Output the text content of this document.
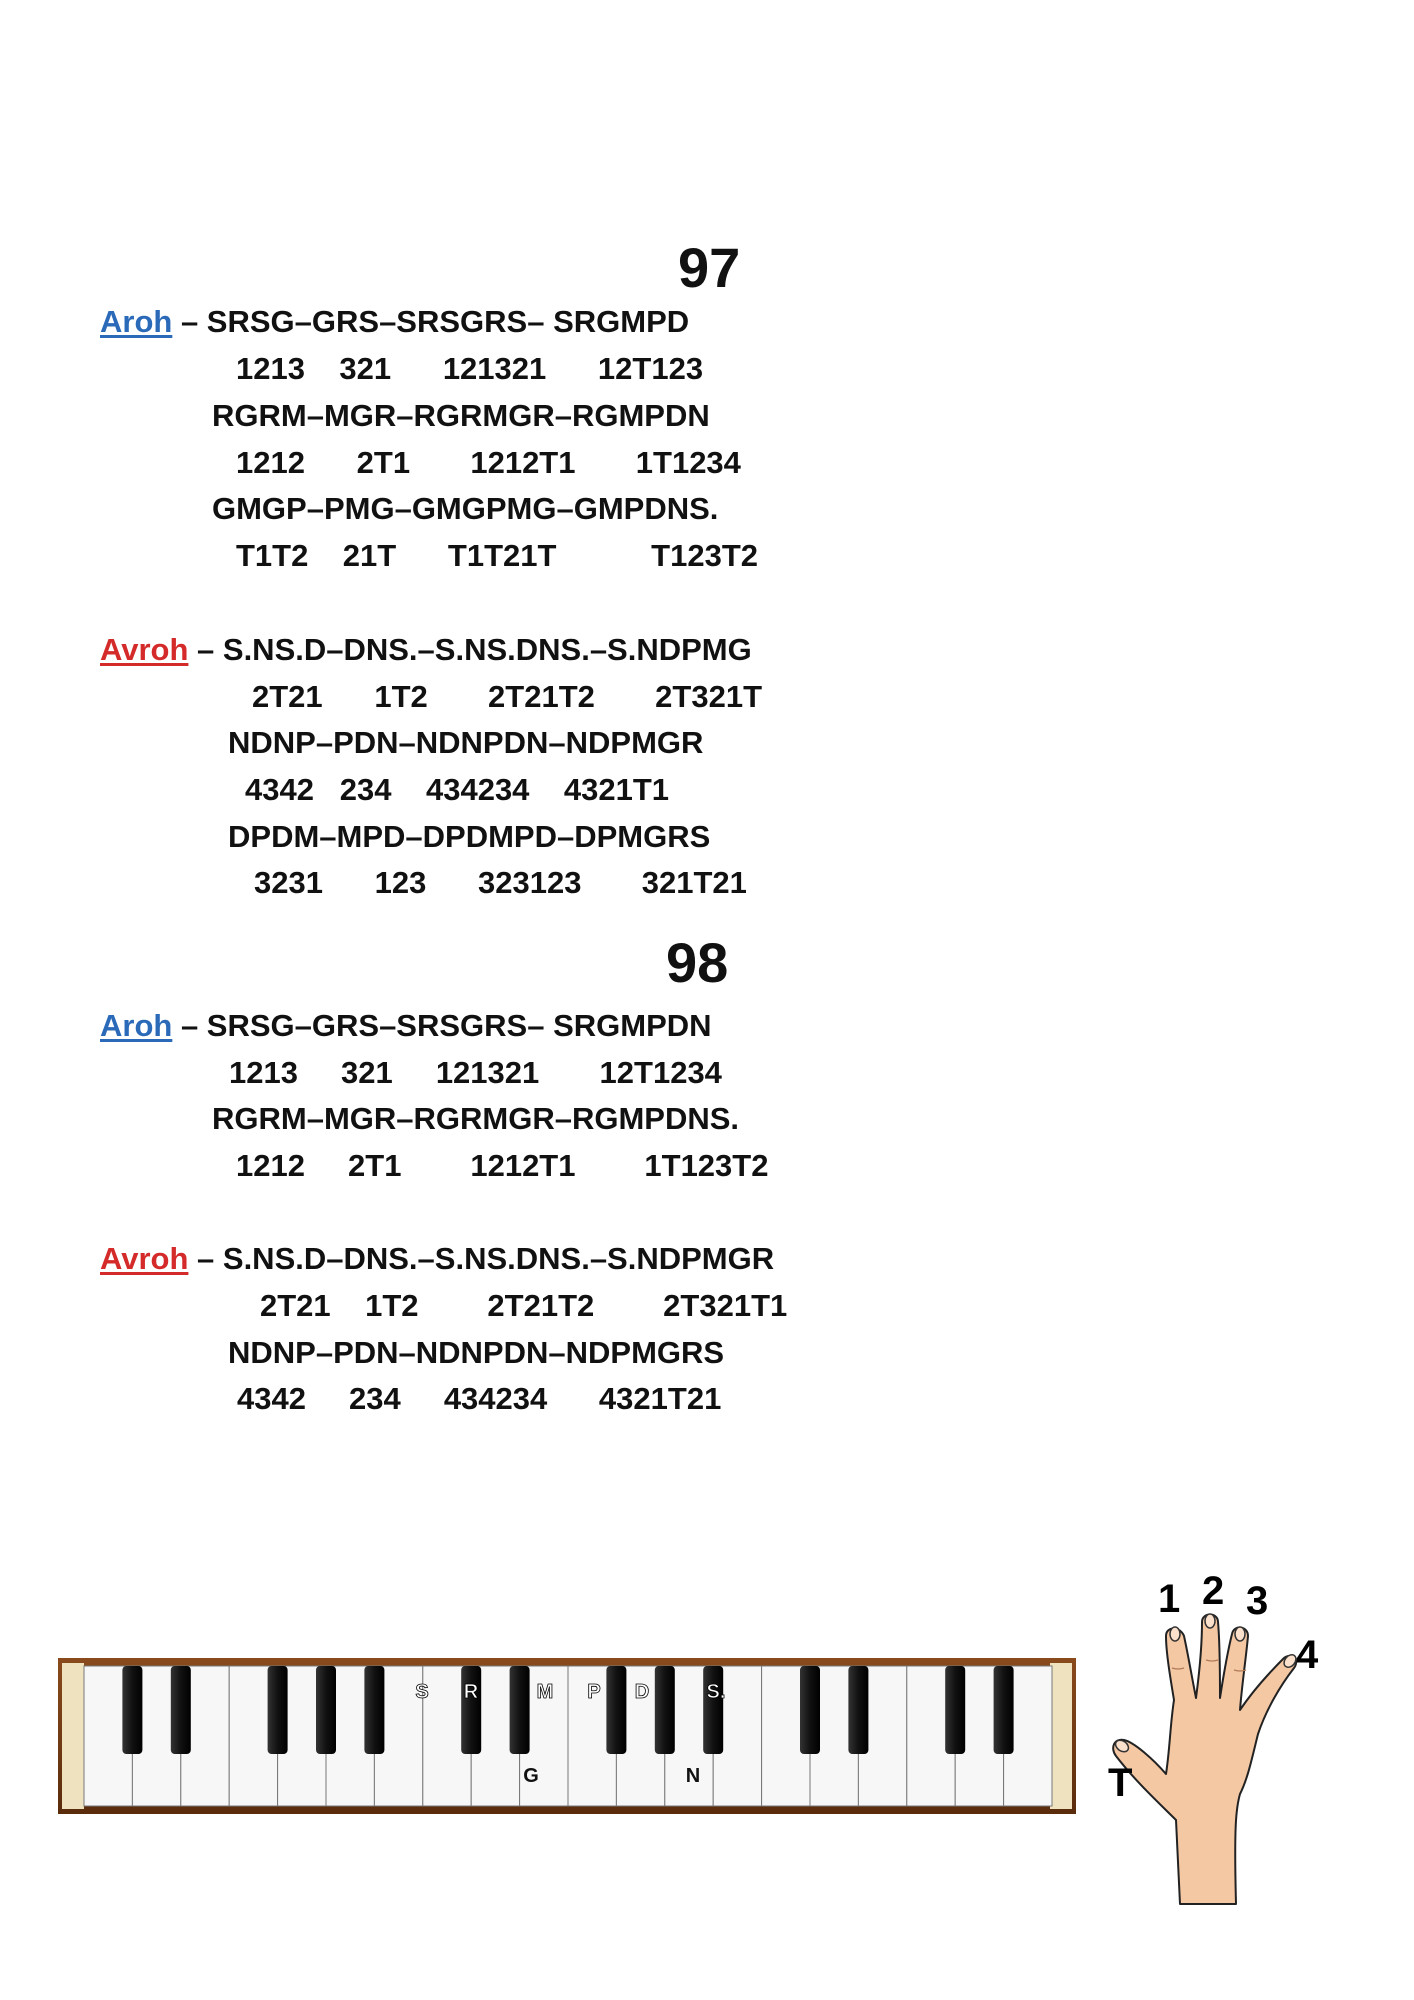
97
Aroh – SRSG–GRS–SRSGRS– SRGMPD
1213    321      121321      12T123
RGRM–MGR–RGRMGR–RGMPDN
1212      2T1       1212T1       1T1234
GMGP–PMG–GMGPMG–GMPDNS.
T1T2    21T      T1T21T           T123T2
Avroh – S.NS.D–DNS.–S.NS.DNS.–S.NDPMG
2T21      1T2       2T21T2       2T321T
NDNP–PDN–NDNPDN–NDPMGR
4342   234    434234    4321T1
DPDM–MPD–DPDMPD–DPMGRS
3231      123      323123       321T21
98
Aroh – SRSG–GRS–SRSGRS– SRGMPDN
1213     321     121321       12T1234
RGRM–MGR–RGRMGR–RGMPDNS.
1212     2T1        1212T1        1T123T2
Avroh – S.NS.D–DNS.–S.NS.DNS.–S.NDPMGR
2T21    1T2        2T21T2        2T321T1
NDNP–PDN–NDNPDN–NDPMGRS
4342     234     434234      4321T21
S R	M P D	S.
G	N	T
1 2 3
4
